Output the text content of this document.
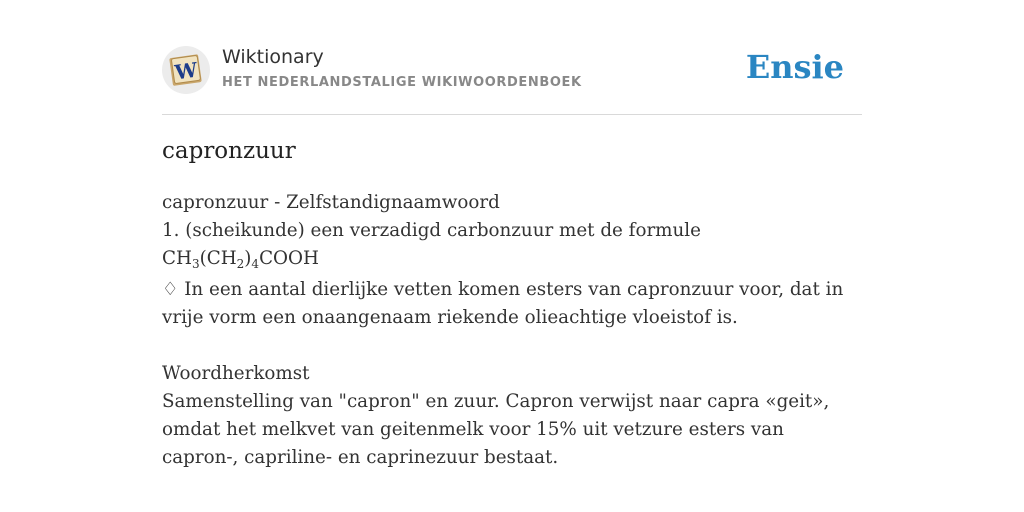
W
Wiktionary
HET NEDERLANDSTALIGE WIKIWOORDENBOEK	Ensie
capronzuur

capronzuur - Zelfstandignaamwoord

1. (scheikunde) een verzadigd carbonzuur met de formule $CH_3(CH_2)_4COOH$

♢ In een aantal dierlijke vetten komen esters van capronzuur voor, dat in vrije vorm een onaangenaam riekende olieachtige vloeistof is.

Woordherkomst

Samenstelling van "capron" en zuur. Capron verwijst naar capra «geit», omdat het melkvet van geitenmelk voor 15% uit vetzure esters van capron-, capriline- en caprinezuur bestaat.
